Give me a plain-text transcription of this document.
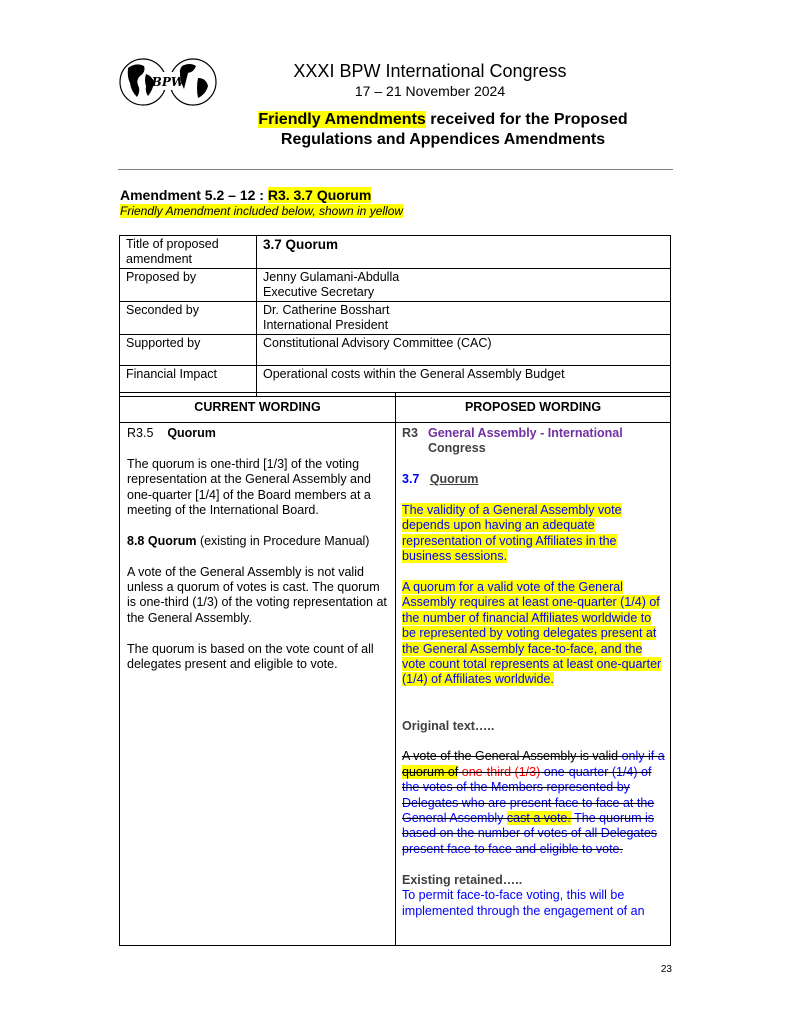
BPW
XXXI BPW International Congress
17 – 21 November 2024
Friendly Amendments received for the Proposed
Regulations and Appendices Amendments
Amendment 5.2 – 12 : R3. 3.7 Quorum
Friendly Amendment included below, shown in yellow
Title of proposed amendment	3.7 Quorum
Proposed by	Jenny Gulamani-Abdulla
Executive Secretary
Seconded by	Dr. Catherine Bosshart
International President
Supported by	Constitutional Advisory Committee (CAC)
Financial Impact	Operational costs within the General Assembly Budget
CURRENT WORDING	PROPOSED WORDING

R3.5 Quorum

The quorum is one-third [1/3] of the voting representation at the General Assembly and one-quarter [1/4] of the Board members at a meeting of the International Board.

8.8 Quorum (existing in Procedure Manual)

A vote of the General Assembly is not valid unless a quorum of votes is cast. The quorum is one-third (1/3) of the voting representation at the General Assembly.

The quorum is based on the vote count of all delegates present and eligible to vote.

R3 General Assembly - International
Congress

3.7 Quorum

The validity of a General Assembly vote depends upon having an adequate representation of voting Affiliates in the business sessions.

A quorum for a valid vote of the General Assembly requires at least one-quarter (1/4) of the number of financial Affiliates worldwide to be represented by voting delegates present at the General Assembly face-to-face, and the vote count total represents at least one-quarter (1/4) of Affiliates worldwide.

Original text…..

A vote of the General Assembly is valid only if a quorum of one-third (1/3) one-quarter (1/4) of the votes of the Members represented by Delegates who are present face to face at the General Assembly cast a vote. The quorum is based on the number of votes of all Delegates present face to face and eligible to vote.

Existing retained…..
To permit face-to-face voting, this will be implemented through the engagement of an
23
